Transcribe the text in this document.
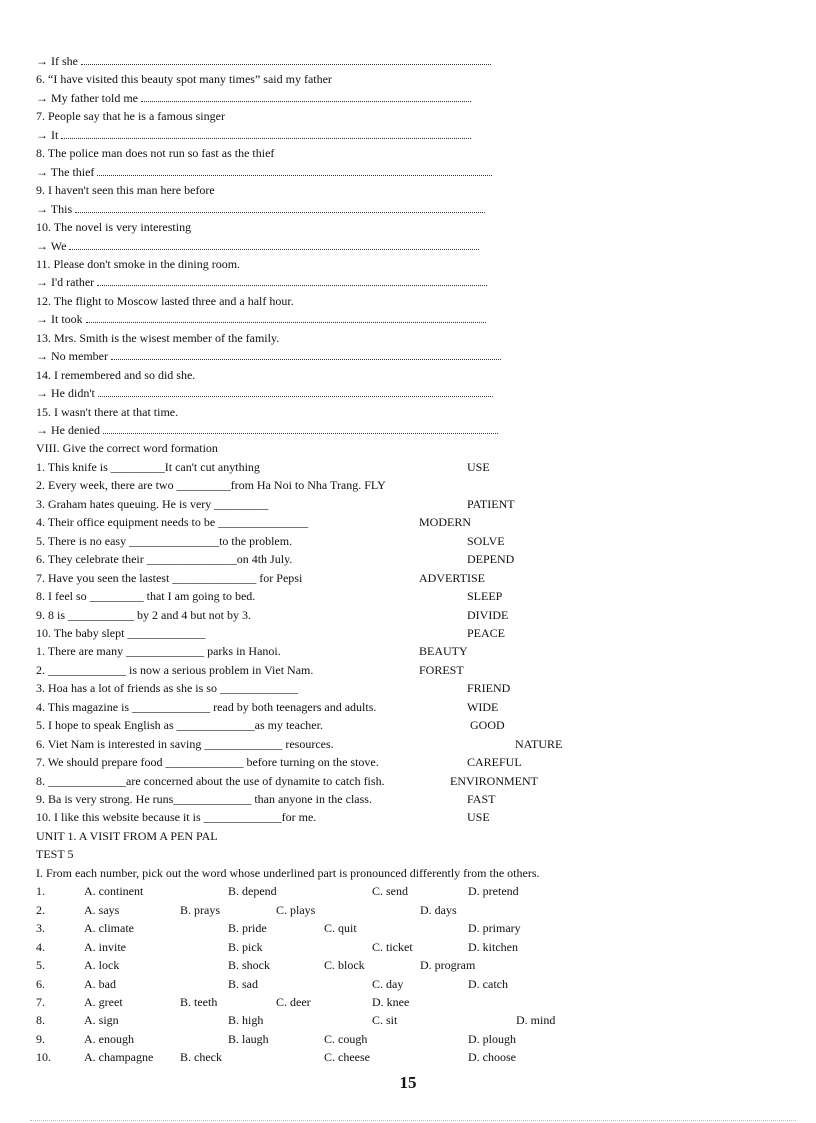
→ If she
6. “I have visited this beauty spot many times” said my father
→ My father told me
7. People say that he is a famous singer
→ It
8. The police man does not run so fast as the thief
→ The thief
9. I haven't seen this man here before
→ This
10. The novel is very interesting
→ We
11. Please don't smoke in the dining room.
→ I'd rather
12. The flight to Moscow lasted three and a half hour.
→ It took
13. Mrs. Smith is the wisest member of the family.
→ No member
14. I remembered and so did she.
→ He didn't
15. I wasn't there at that time.
→ He denied
VIII. Give the correct word formation
1. This knife is _________It can't cut anything	USE
2. Every week, there are two _________from Ha Noi to Nha Trang. FLY
3. Graham hates queuing. He is very _________	PATIENT
4. Their office equipment needs to be _______________	MODERN
5. There is no easy _______________to the problem.	SOLVE
6. They celebrate their _______________on 4th July.	DEPEND
7. Have you seen the lastest ______________ for Pepsi	ADVERTISE
8. I feel so _________ that I am going to bed.	SLEEP
9. 8 is ___________ by 2 and 4 but not by 3.	DIVIDE
10. The baby slept _____________	PEACE
1. There are many _____________ parks in Hanoi.	BEAUTY
2. _____________ is now a serious problem in Viet Nam.	FOREST
3. Hoa has a lot of friends as she is so _____________	FRIEND
4. This magazine is _____________ read by both teenagers and adults.	WIDE
5. I hope to speak English as _____________as my teacher.	GOOD
6. Viet Nam is interested in saving _____________ resources.	NATURE
7. We should prepare food _____________ before turning on the stove.	CAREFUL
8. _____________are concerned about the use of dynamite to catch fish.	ENVIRONMENT
9. Ba is very strong. He runs_____________ than anyone in the class.	FAST
10. I like this website because it is _____________for me.	USE
UNIT 1. A VISIT FROM A PEN PAL
TEST 5
I. From each number, pick out the word whose underlined part is pronounced differently from the others.
1.	A. continent	B. depend	C. send	D. pretend
2.	A. says	B. prays	C. plays	D. days
3.	A. climate	B. pride	C. quit	D. primary
4.	A. invite	B. pick	C. ticket	D. kitchen
5.	A. lock	B. shock	C. block	D. program
6.	A. bad	B. sad	C. day	D. catch
7.	A. greet	B. teeth	C. deer	D. knee
8.	A. sign	B. high	C. sit	D. mind
9.	A. enough	B. laugh	C. cough	D. plough
10.	A. champagne B. check	C. cheese	D. choose
15
